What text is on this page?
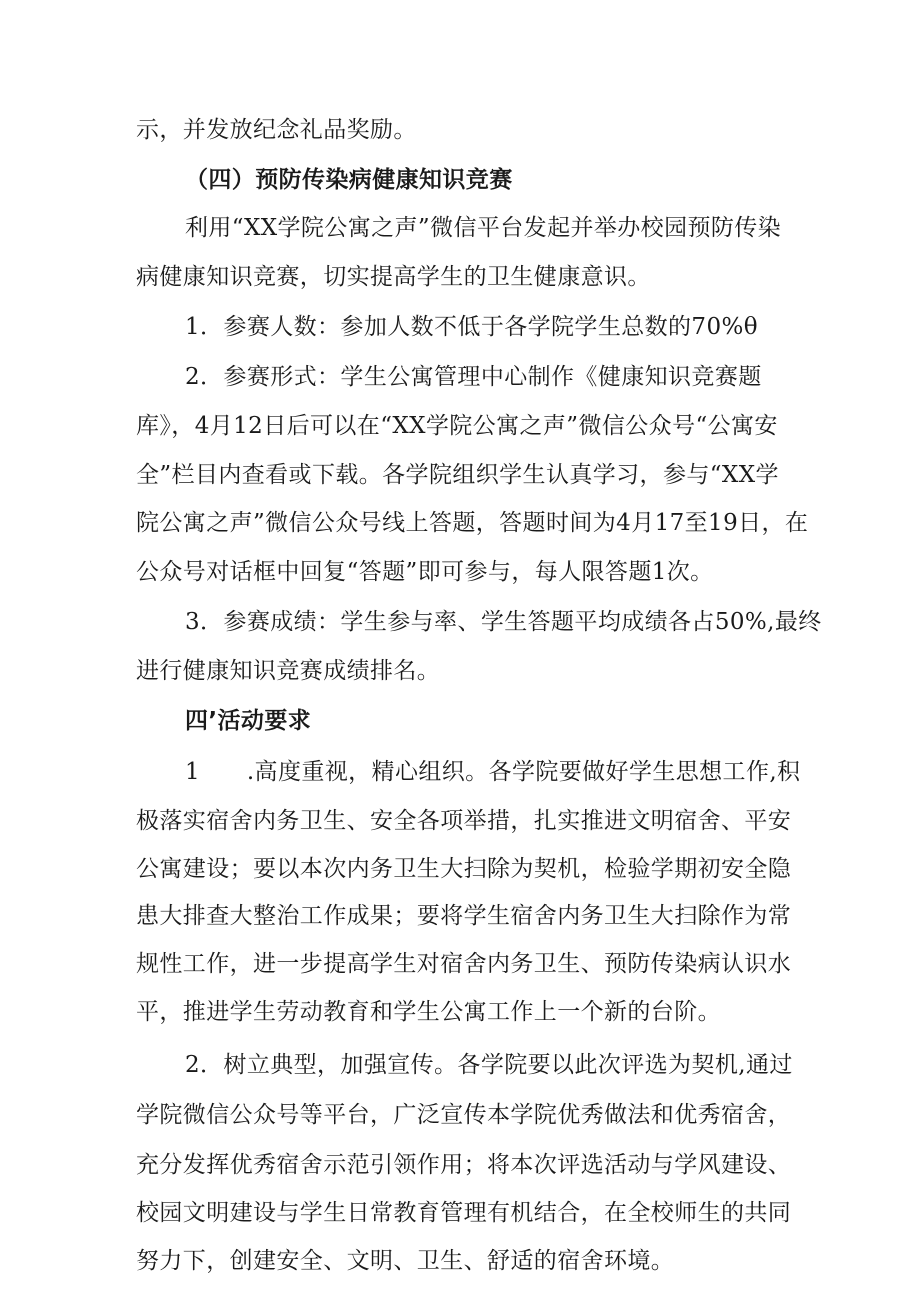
示，并发放纪念礼品奖励。
（四）预防传染病健康知识竞赛
利用“XX学院公寓之声”微信平台发起并举办校园预防传染
病健康知识竞赛，切实提高学生的卫生健康意识。
1．参赛人数：参加人数不低于各学院学生总数的70%θ
2．参赛形式：学生公寓管理中心制作《健康知识竞赛题
库》，4月12日后可以在“XX学院公寓之声”微信公众号“公寓安
全”栏目内查看或下载。各学院组织学生认真学习，参与“XX学
院公寓之声”微信公众号线上答题，答题时间为4月17至19日，在
公众号对话框中回复“答题”即可参与，每人限答题1次。
3．参赛成绩：学生参与率、学生答题平均成绩各占50%,最终
进行健康知识竞赛成绩排名。
四’活动要求
1　　.高度重视，精心组织。各学院要做好学生思想工作,积
极落实宿舍内务卫生、安全各项举措，扎实推进文明宿舍、平安
公寓建设；要以本次内务卫生大扫除为契机，检验学期初安全隐
患大排查大整治工作成果；要将学生宿舍内务卫生大扫除作为常
规性工作，进一步提高学生对宿舍内务卫生、预防传染病认识水
平，推进学生劳动教育和学生公寓工作上一个新的台阶。
2．树立典型，加强宣传。各学院要以此次评选为契机,通过
学院微信公众号等平台，广泛宣传本学院优秀做法和优秀宿舍，
充分发挥优秀宿舍示范引领作用；将本次评选活动与学风建设、
校园文明建设与学生日常教育管理有机结合，在全校师生的共同
努力下，创建安全、文明、卫生、舒适的宿舍环境。
